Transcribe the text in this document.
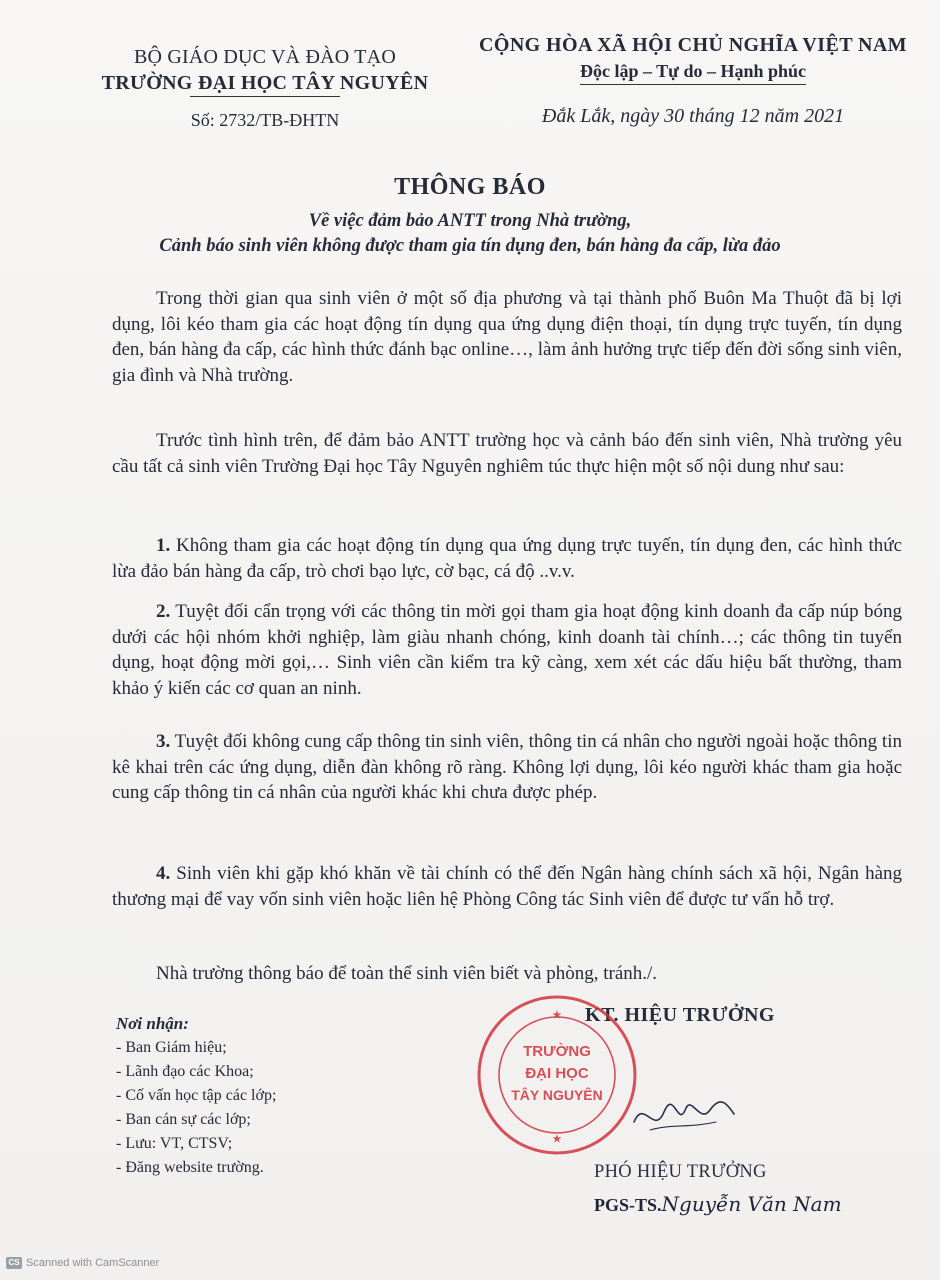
BỘ GIÁO DỤC VÀ ĐÀO TẠO
TRƯỜNG ĐẠI HỌC TÂY NGUYÊN
Số: 2732/TB-ĐHTN
CỘNG HÒA XÃ HỘI CHỦ NGHĨA VIỆT NAM
Độc lập – Tự do – Hạnh phúc
Đắk Lắk, ngày 30 tháng 12 năm 2021
THÔNG BÁO
Về việc đảm bảo ANTT trong Nhà trường,
Cảnh báo sinh viên không được tham gia tín dụng đen, bán hàng đa cấp, lừa đảo

Trong thời gian qua sinh viên ở một số địa phương và tại thành phố Buôn Ma Thuột đã bị lợi dụng, lôi kéo tham gia các hoạt động tín dụng qua ứng dụng điện thoại, tín dụng trực tuyến, tín dụng đen, bán hàng đa cấp, các hình thức đánh bạc online…, làm ảnh hưởng trực tiếp đến đời sống sinh viên, gia đình và Nhà trường.

Trước tình hình trên, để đảm bảo ANTT trường học và cảnh báo đến sinh viên, Nhà trường yêu cầu tất cả sinh viên Trường Đại học Tây Nguyên nghiêm túc thực hiện một số nội dung như sau:

1. Không tham gia các hoạt động tín dụng qua ứng dụng trực tuyến, tín dụng đen, các hình thức lừa đảo bán hàng đa cấp, trò chơi bạo lực, cờ bạc, cá độ ..v.v.

2. Tuyệt đối cẩn trọng với các thông tin mời gọi tham gia hoạt động kinh doanh đa cấp núp bóng dưới các hội nhóm khởi nghiệp, làm giàu nhanh chóng, kinh doanh tài chính…; các thông tin tuyển dụng, hoạt động mời gọi,… Sinh viên cần kiểm tra kỹ càng, xem xét các dấu hiệu bất thường, tham khảo ý kiến các cơ quan an ninh.

3. Tuyệt đối không cung cấp thông tin sinh viên, thông tin cá nhân cho người ngoài hoặc thông tin kê khai trên các ứng dụng, diễn đàn không rõ ràng. Không lợi dụng, lôi kéo người khác tham gia hoặc cung cấp thông tin cá nhân của người khác khi chưa được phép.

4. Sinh viên khi gặp khó khăn về tài chính có thể đến Ngân hàng chính sách xã hội, Ngân hàng thương mại để vay vốn sinh viên hoặc liên hệ Phòng Công tác Sinh viên để được tư vấn hỗ trợ.

Nhà trường thông báo để toàn thể sinh viên biết và phòng, tránh./.

Nơi nhận:
- Ban Giám hiệu;
- Lãnh đạo các Khoa;
- Cố vấn học tập các lớp;
- Ban cán sự các lớp;
- Lưu: VT, CTSV;
- Đăng website trường.
KT. HIỆU TRƯỞNG
TRƯỜNG
ĐẠI HỌC
TÂY NGUYÊN
★
★
PHÓ HIỆU TRƯỞNG
PGS-TS.Nguyễn Văn Nam
CS Scanned with CamScanner
